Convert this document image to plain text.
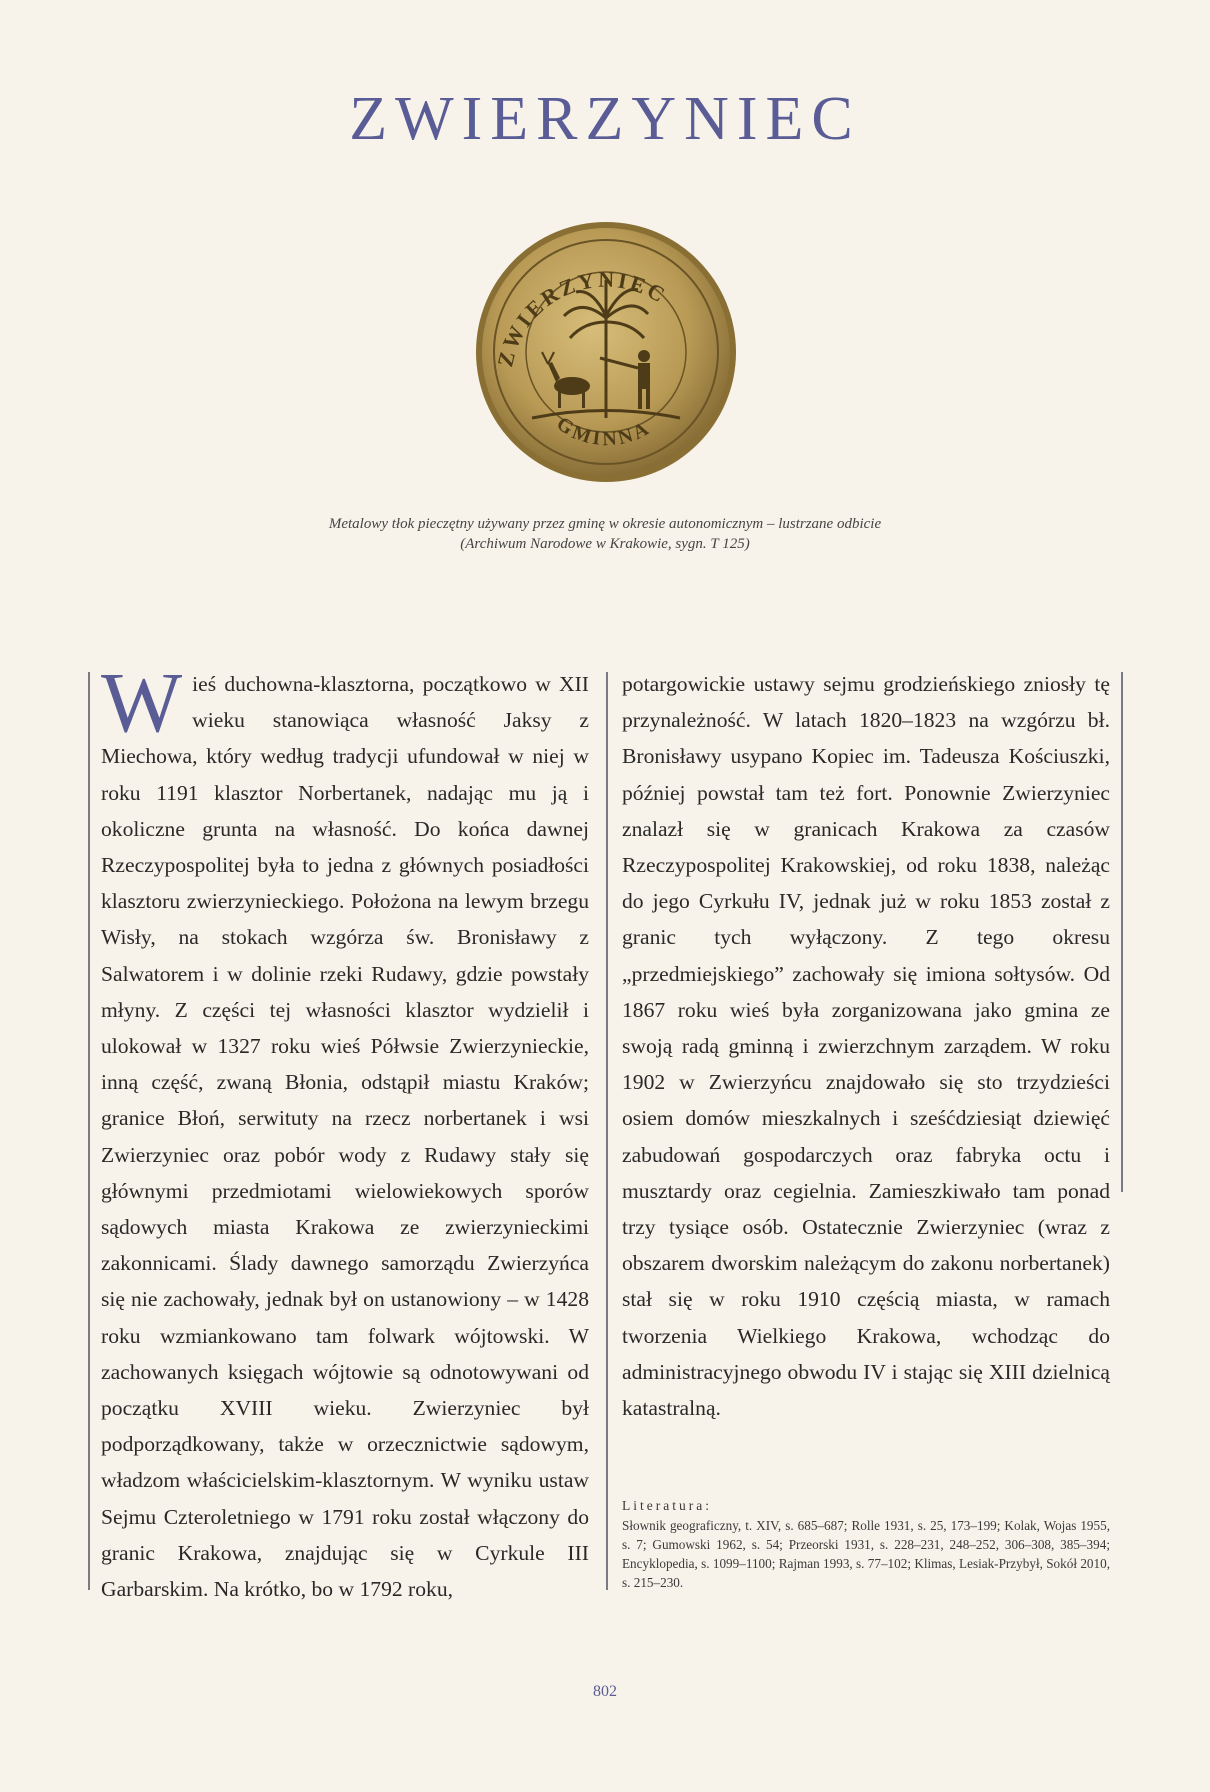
ZWIERZYNIEC
ZWIERZYNIEC
GMINNA
Metalowy tłok pieczętny używany przez gminę w okresie autonomicznym – lustrzane odbicie
(Archiwum Narodowe w Krakowie, sygn. T 125)

Wieś duchowna-klasztorna, początkowo w XII wieku stanowiąca własność Jaksy z Miechowa, który według tradycji ufundował w niej w roku 1191 klasztor Norbertanek, nadając mu ją i okoliczne grunta na własność. Do końca dawnej Rzeczypospolitej była to jedna z głównych posiadłości klasztoru zwierzynieckiego. Położona na lewym brzegu Wisły, na stokach wzgórza św. Bronisławy z Salwatorem i w dolinie rzeki Rudawy, gdzie powstały młyny. Z części tej własności klasztor wydzielił i ulokował w 1327 roku wieś Półwsie Zwierzynieckie, inną część, zwaną Błonia, odstąpił miastu Kraków; granice Błoń, serwituty na rzecz norbertanek i wsi Zwierzyniec oraz pobór wody z Rudawy stały się głównymi przedmiotami wielowiekowych sporów sądowych miasta Krakowa ze zwierzynieckimi zakonnicami. Ślady dawnego samorządu Zwierzyńca się nie zachowały, jednak był on ustanowiony – w 1428 roku wzmiankowano tam folwark wójtowski. W zachowanych księgach wójtowie są odnotowywani od początku XVIII wieku. Zwierzyniec był podporządkowany, także w orzecznictwie sądowym, władzom właścicielskim-klasztornym. W wyniku ustaw Sejmu Czteroletniego w 1791 roku został włączony do granic Krakowa, znajdując się w Cyrkule III Garbarskim. Na krótko, bo w 1792 roku,

potargowickie ustawy sejmu grodzieńskiego zniosły tę przynależność. W latach 1820–1823 na wzgórzu bł. Bronisławy usypano Kopiec im. Tadeusza Kościuszki, później powstał tam też fort. Ponownie Zwierzyniec znalazł się w granicach Krakowa za czasów Rzeczypospolitej Krakowskiej, od roku 1838, należąc do jego Cyrkułu IV, jednak już w roku 1853 został z granic tych wyłączony. Z tego okresu „przedmiejskiego” zachowały się imiona sołtysów. Od 1867 roku wieś była zorganizowana jako gmina ze swoją radą gminną i zwierzchnym zarządem. W roku 1902 w Zwierzyńcu znajdowało się sto trzydzieści osiem domów mieszkalnych i sześćdziesiąt dziewięć zabudowań gospodarczych oraz fabryka octu i musztardy oraz cegielnia. Zamieszkiwało tam ponad trzy tysiące osób. Ostatecznie Zwierzyniec (wraz z obszarem dworskim należącym do zakonu norbertanek) stał się w roku 1910 częścią miasta, w ramach tworzenia Wielkiego Krakowa, wchodząc do administracyjnego obwodu IV i stając się XIII dzielnicą katastralną.

Literatura:
Słownik geograficzny, t. XIV, s. 685–687; Rolle 1931, s. 25, 173–199; Kolak, Wojas 1955, s. 7; Gumowski 1962, s. 54; Przeorski 1931, s. 228–231, 248–252, 306–308, 385–394; Encyklopedia, s. 1099–1100; Rajman 1993, s. 77–102; Klimas, Lesiak-Przybył, Sokół 2010, s. 215–230.
802
